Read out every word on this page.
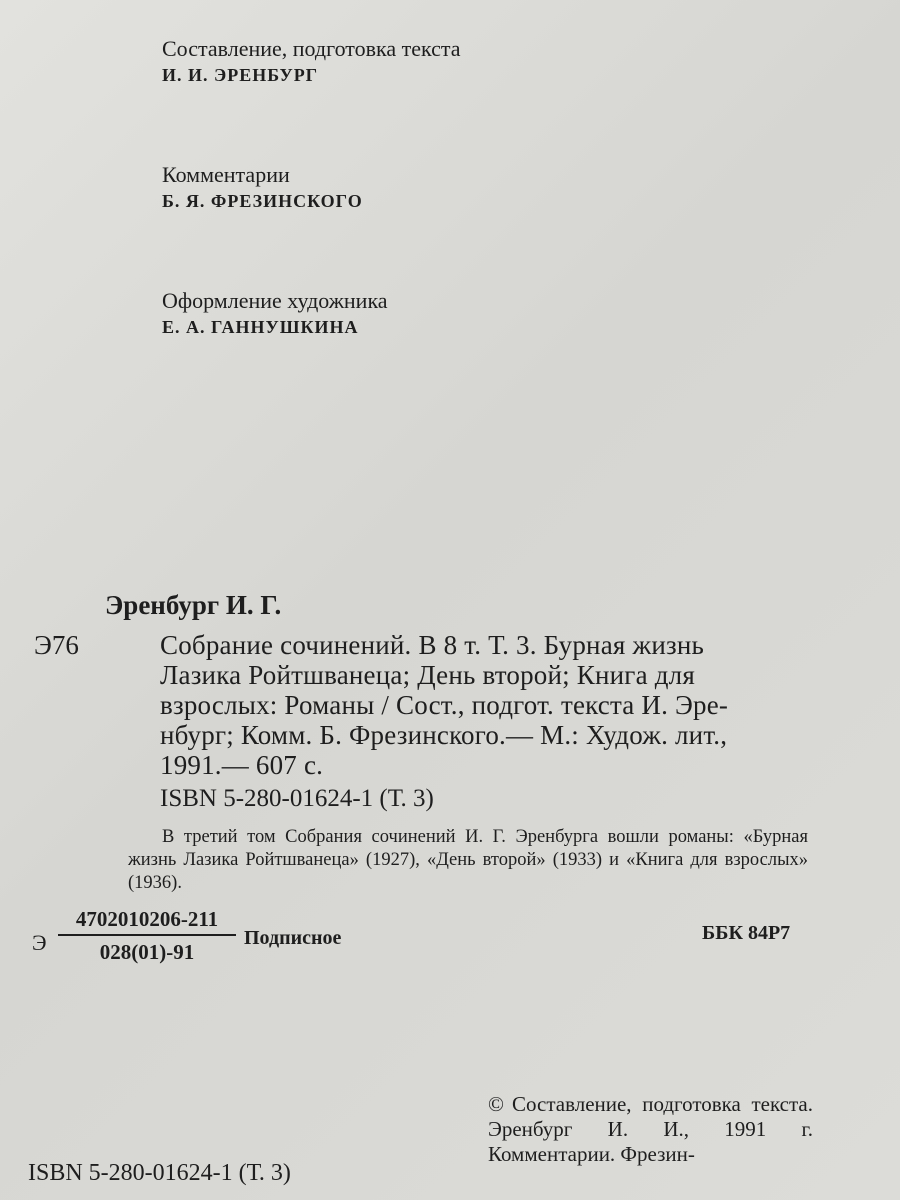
Составление, подготовка текста
И. И. ЭРЕНБУРГ
Комментарии
Б. Я. ФРЕЗИНСКОГО
Оформление художника
Е. А. ГАННУШКИНА
Эренбург И. Г.
Э76	Собрание сочинений. В 8 т. Т. 3. Бурная жизнь
Лазика Ройтшванеца; День второй; Книга для
взрослых: Романы / Сост., подгот. текста И. Эре-
нбург; Комм. Б. Фрезинского.— М.: Худож. лит.,
1991.— 607 с.
ISBN 5-280-01624-1 (Т. 3)
В третий том Собрания сочинений И. Г. Эренбурга вошли романы: «Бурная жизнь Лазика Ройтшванеца» (1927), «День второй» (1933) и «Книга для взрослых» (1936).
Э $\frac{4702010206-211}{028(01)-91}$ Подписное	ББК 84Р7
© Составление, подготовка текста. Эренбург И. И., 1991 г. Комментарии. Фрезин-
ISBN 5-280-01624-1 (Т. 3)
